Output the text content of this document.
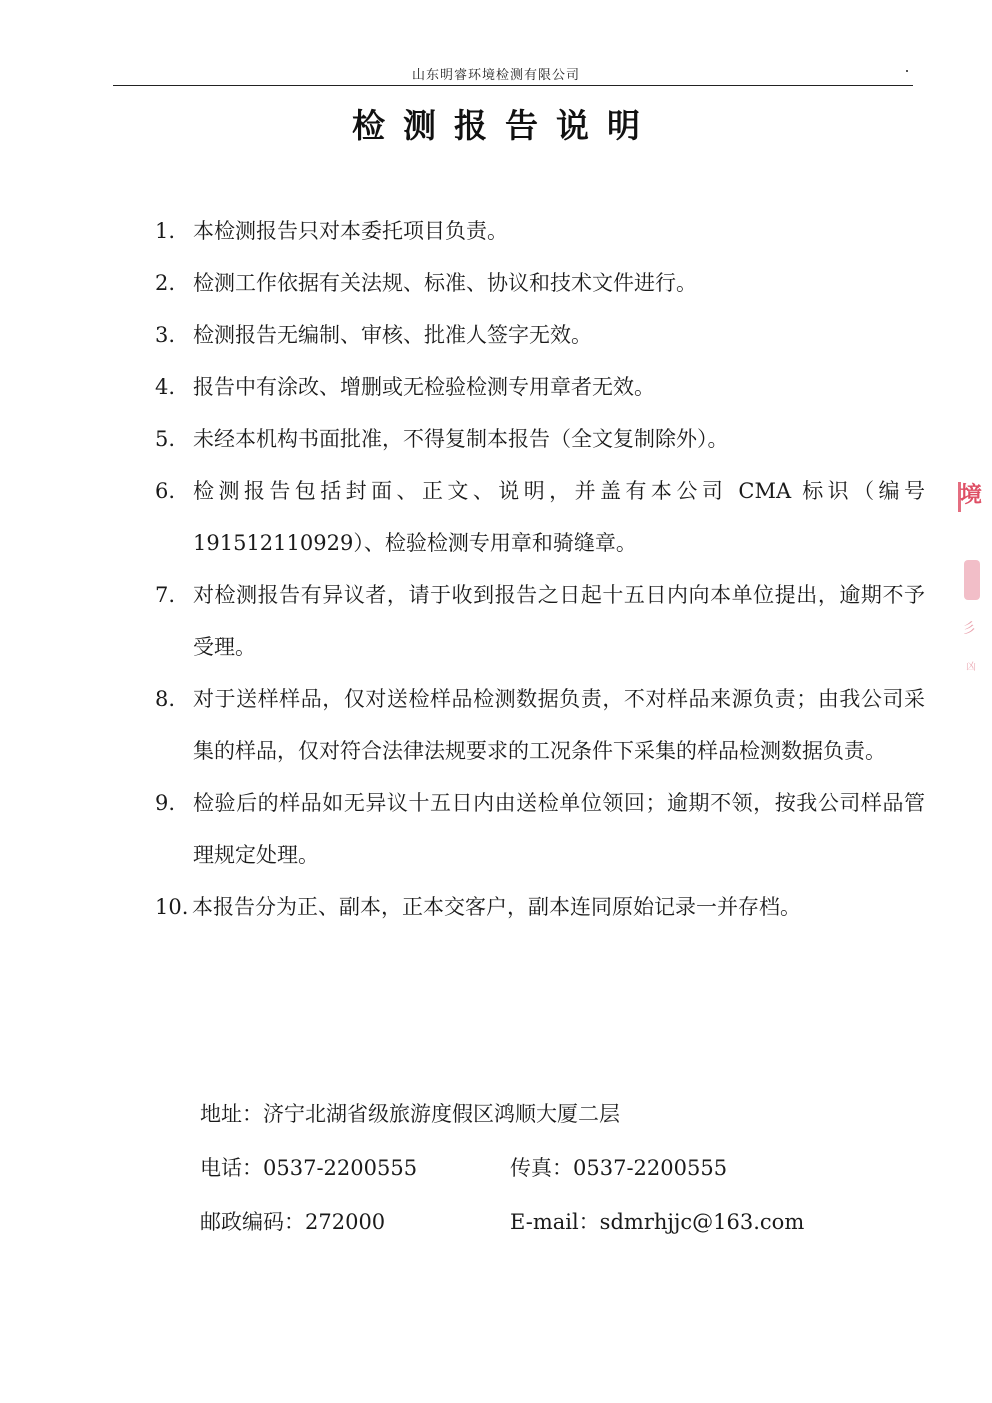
山东明睿环境检测有限公司
检测报告说明
1. 本检测报告只对本委托项目负责。
2. 检测工作依据有关法规、标准、协议和技术文件进行。
3. 检测报告无编制、审核、批准人签字无效。
4. 报告中有涂改、增删或无检验检测专用章者无效。
5. 未经本机构书面批准，不得复制本报告（全文复制除外）。
6. 检测报告包括封面、正文、说明，并盖有本公司 CMA 标识（编号 191512110929）、检验检测专用章和骑缝章。
7. 对检测报告有异议者，请于收到报告之日起十五日内向本单位提出，逾期不予受理。
8. 对于送样样品，仅对送检样品检测数据负责，不对样品来源负责；由我公司采集的样品，仅对符合法律法规要求的工况条件下采集的样品检测数据负责。
9. 检验后的样品如无异议十五日内由送检单位领回；逾期不领，按我公司样品管理规定处理。
10. 本报告分为正、副本，正本交客户，副本连同原始记录一并存档。
地址：济宁北湖省级旅游度假区鸿顺大厦二层
电话：0537-2200555	传真：0537-2200555
邮政编码：272000	E-mail：sdmrhjjc@163.com
境
彡
凶
